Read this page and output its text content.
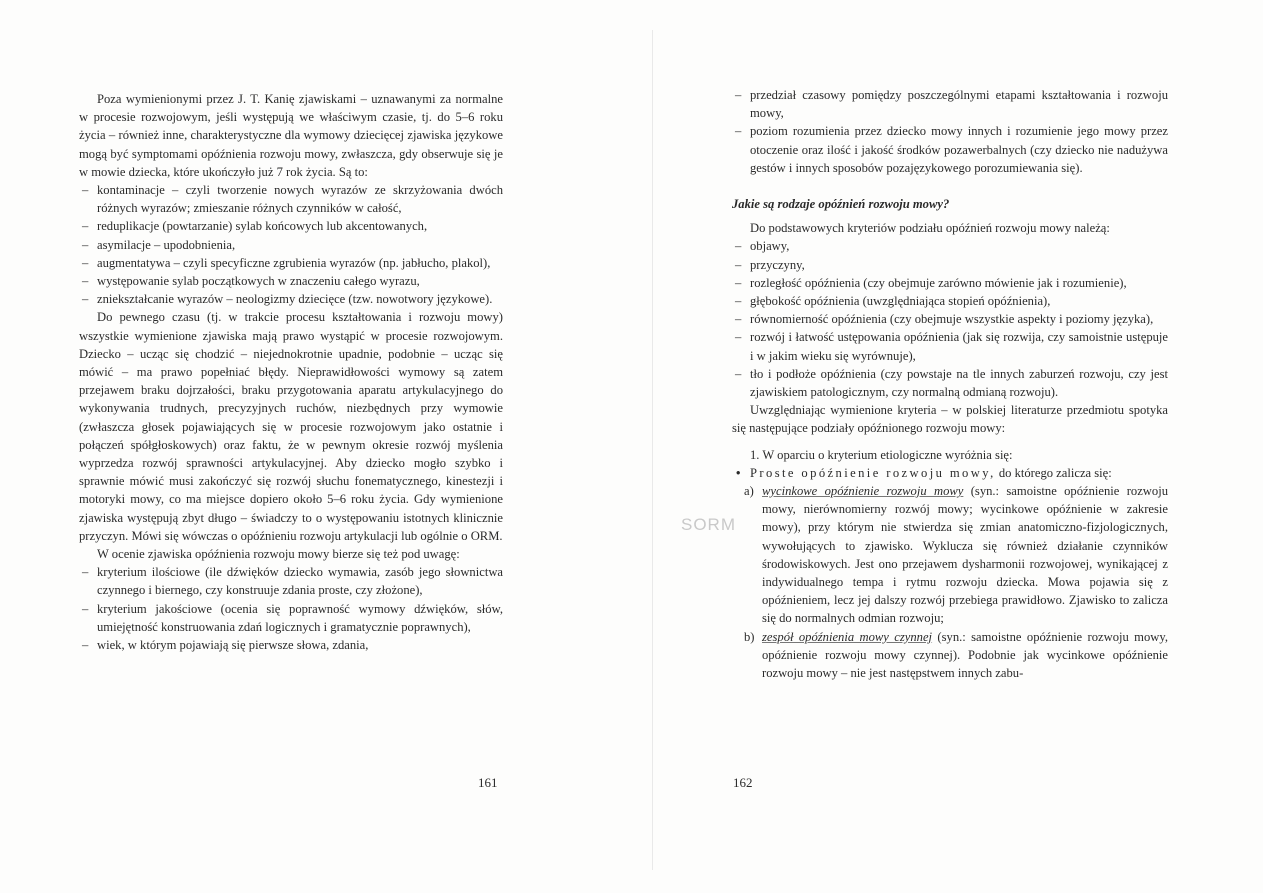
Poza wymienionymi przez J. T. Kanię zjawiskami – uznawanymi za normalne w procesie rozwojowym, jeśli występują we właściwym czasie, tj. do 5–6 roku życia – również inne, charakterystyczne dla wymowy dziecięcej zjawiska językowe mogą być symptomami opóźnienia rozwoju mowy, zwłaszcza, gdy obserwuje się je w mowie dziecka, które ukończyło już 7 rok życia. Są to:

– kontaminacje – czyli tworzenie nowych wyrazów ze skrzyżowania dwóch różnych wyrazów; zmieszanie różnych czynników w całość,
– reduplikacje (powtarzanie) sylab końcowych lub akcentowanych,
– asymilacje – upodobnienia,
– augmentatywa – czyli specyficzne zgrubienia wyrazów (np. jabłucho, plakol),
– występowanie sylab początkowych w znaczeniu całego wyrazu,
– zniekształcanie wyrazów – neologizmy dziecięce (tzw. nowotwory językowe).

Do pewnego czasu (tj. w trakcie procesu kształtowania i rozwoju mowy) wszystkie wymienione zjawiska mają prawo wystąpić w procesie rozwojowym. Dziecko – ucząc się chodzić – niejednokrotnie upadnie, podobnie – ucząc się mówić – ma prawo popełniać błędy. Nieprawidłowości wymowy są zatem przejawem braku dojrzałości, braku przygotowania aparatu artykulacyjnego do wykonywania trudnych, precyzyjnych ruchów, niezbędnych przy wymowie (zwłaszcza głosek pojawiających się w procesie rozwojowym jako ostatnie i połączeń spółgłoskowych) oraz faktu, że w pewnym okresie rozwój myślenia wyprzedza rozwój sprawności artykulacyjnej. Aby dziecko mogło szybko i sprawnie mówić musi zakończyć się rozwój słuchu fonematycznego, kinestezji i motoryki mowy, co ma miejsce dopiero około 5–6 roku życia. Gdy wymienione zjawiska występują zbyt długo – świadczy to o występowaniu istotnych klinicznie przyczyn. Mówi się wówczas o opóźnieniu rozwoju artykulacji lub ogólnie o ORM.

W ocenie zjawiska opóźnienia rozwoju mowy bierze się też pod uwagę:

– kryterium ilościowe (ile dźwięków dziecko wymawia, zasób jego słownictwa czynnego i biernego, czy konstruuje zdania proste, czy złożone),
– kryterium jakościowe (ocenia się poprawność wymowy dźwięków, słów, umiejętność konstruowania zdań logicznych i gramatycznie poprawnych),
– wiek, w którym pojawiają się pierwsze słowa, zdania,
161
– przedział czasowy pomiędzy poszczególnymi etapami kształtowania i rozwoju mowy,
– poziom rozumienia przez dziecko mowy innych i rozumienie jego mowy przez otoczenie oraz ilość i jakość środków pozawerbalnych (czy dziecko nie nadużywa gestów i innych sposobów pozajęzykowego porozumiewania się).

Jakie są rodzaje opóźnień rozwoju mowy?

Do podstawowych kryteriów podziału opóźnień rozwoju mowy należą:

– objawy,
– przyczyny,
– rozległość opóźnienia (czy obejmuje zarówno mówienie jak i rozumienie),
– głębokość opóźnienia (uwzględniająca stopień opóźnienia),
– równomierność opóźnienia (czy obejmuje wszystkie aspekty i poziomy języka),
– rozwój i łatwość ustępowania opóźnienia (jak się rozwija, czy samoistnie ustępuje i w jakim wieku się wyrównuje),
– tło i podłoże opóźnienia (czy powstaje na tle innych zaburzeń rozwoju, czy jest zjawiskiem patologicznym, czy normalną odmianą rozwoju).

Uwzględniając wymienione kryteria – w polskiej literaturze przedmiotu spotyka się następujące podziały opóźnionego rozwoju mowy:

1. W oparciu o kryterium etiologiczne wyróżnia się:

• Proste opóźnienie rozwoju mowy, do którego zalicza się:

a) wycinkowe opóźnienie rozwoju mowy (syn.: samoistne opóźnienie rozwoju mowy, nierównomierny rozwój mowy; wycinkowe opóźnienie w zakresie mowy), przy którym nie stwierdza się zmian anatomiczno-fizjologicznych, wywołujących to zjawisko. Wyklucza się również działanie czynników środowiskowych. Jest ono przejawem dysharmonii rozwojowej, wynikającej z indywidualnego tempa i rytmu rozwoju dziecka. Mowa pojawia się z opóźnieniem, lecz jej dalszy rozwój przebiega prawidłowo. Zjawisko to zalicza się do normalnych odmian rozwoju;
b) zespół opóźnienia mowy czynnej (syn.: samoistne opóźnienie rozwoju mowy, opóźnienie rozwoju mowy czynnej). Podobnie jak wycinkowe opóźnienie rozwoju mowy – nie jest następstwem innych zabu-
SORM
162
